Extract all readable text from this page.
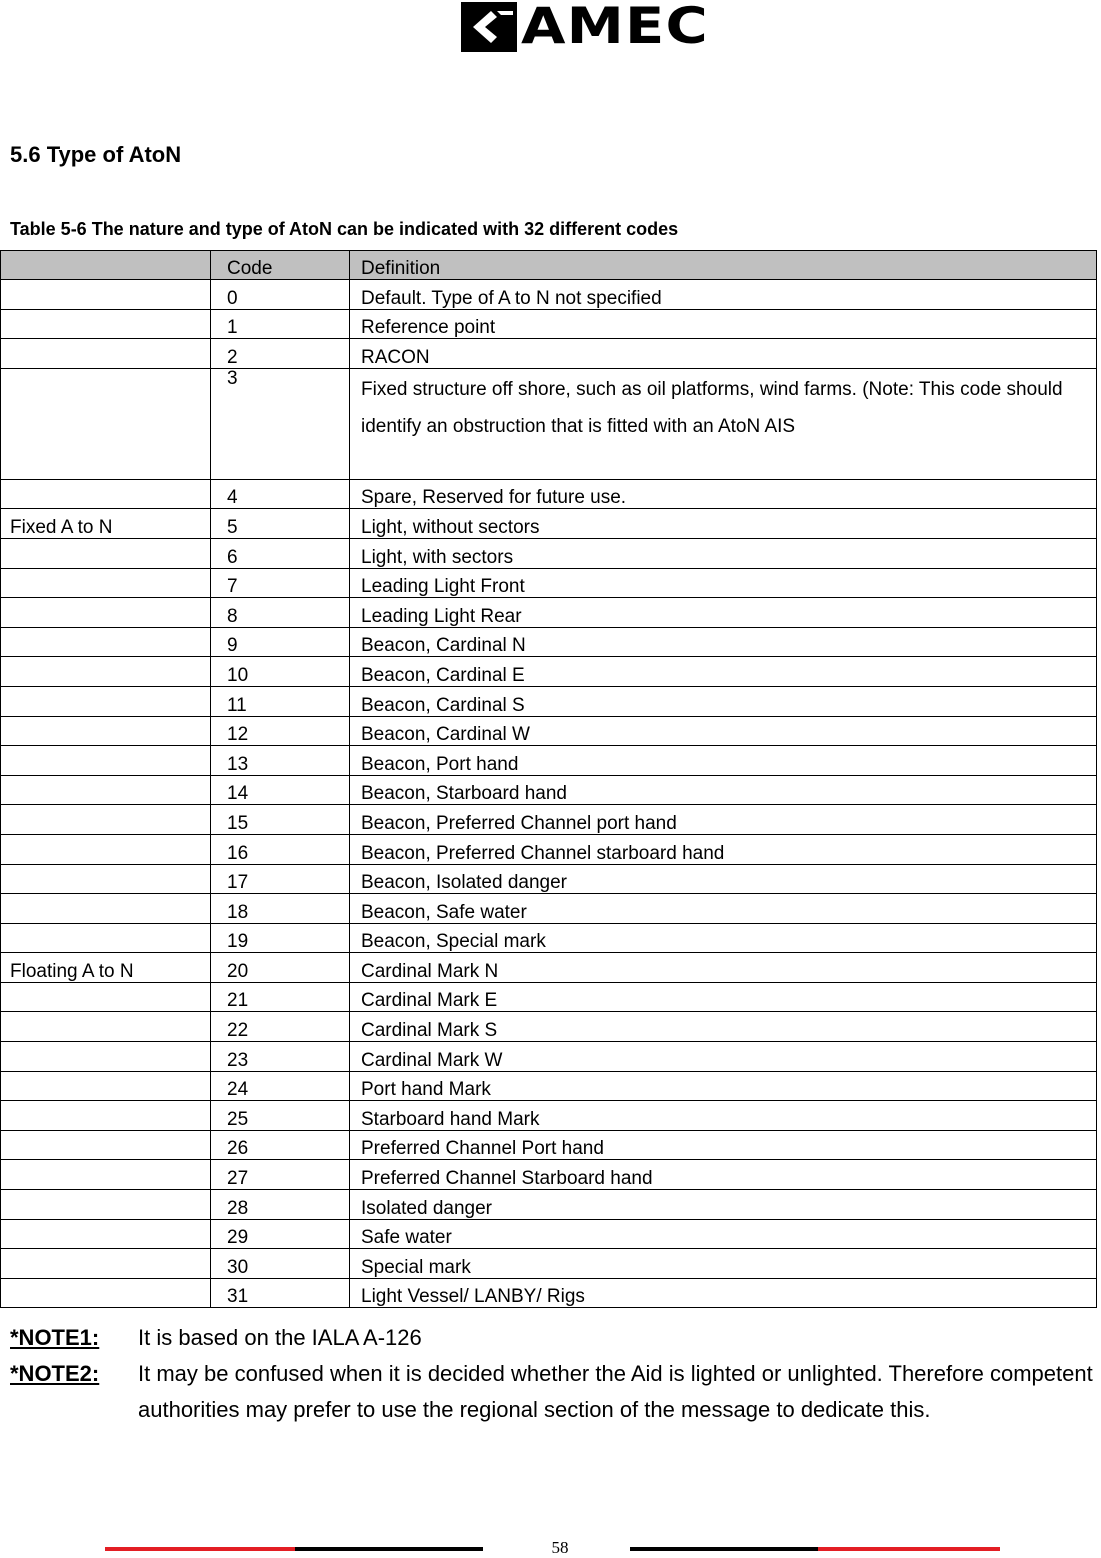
AMEC
5.6 Type of AtoN
Table 5-6 The nature and type of AtoN can be indicated with 32 different codes
	Code	Definition
	0	Default. Type of A to N not specified
	1	Reference point
	2	RACON
	3	Fixed structure off shore, such as oil platforms, wind farms. (Note: This code should identify an obstruction that is fitted with an AtoN AIS
	4	Spare, Reserved for future use.
Fixed A to N	5	Light, without sectors
	6	Light, with sectors
	7	Leading Light Front
	8	Leading Light Rear
	9	Beacon, Cardinal N
	10	Beacon, Cardinal E
	11	Beacon, Cardinal S
	12	Beacon, Cardinal W
	13	Beacon, Port hand
	14	Beacon, Starboard hand
	15	Beacon, Preferred Channel port hand
	16	Beacon, Preferred Channel starboard hand
	17	Beacon, Isolated danger
	18	Beacon, Safe water
	19	Beacon, Special mark
Floating A to N	20	Cardinal Mark N
	21	Cardinal Mark E
	22	Cardinal Mark S
	23	Cardinal Mark W
	24	Port hand Mark
	25	Starboard hand Mark
	26	Preferred Channel Port hand
	27	Preferred Channel Starboard hand
	28	Isolated danger
	29	Safe water
	30	Special mark
	31	Light Vessel/ LANBY/ Rigs
*NOTE1:	It is based on the IALA A-126
*NOTE2:	It may be confused when it is decided whether the Aid is lighted or unlighted. Therefore competent authorities may prefer to use the regional section of the message to dedicate this.
58
